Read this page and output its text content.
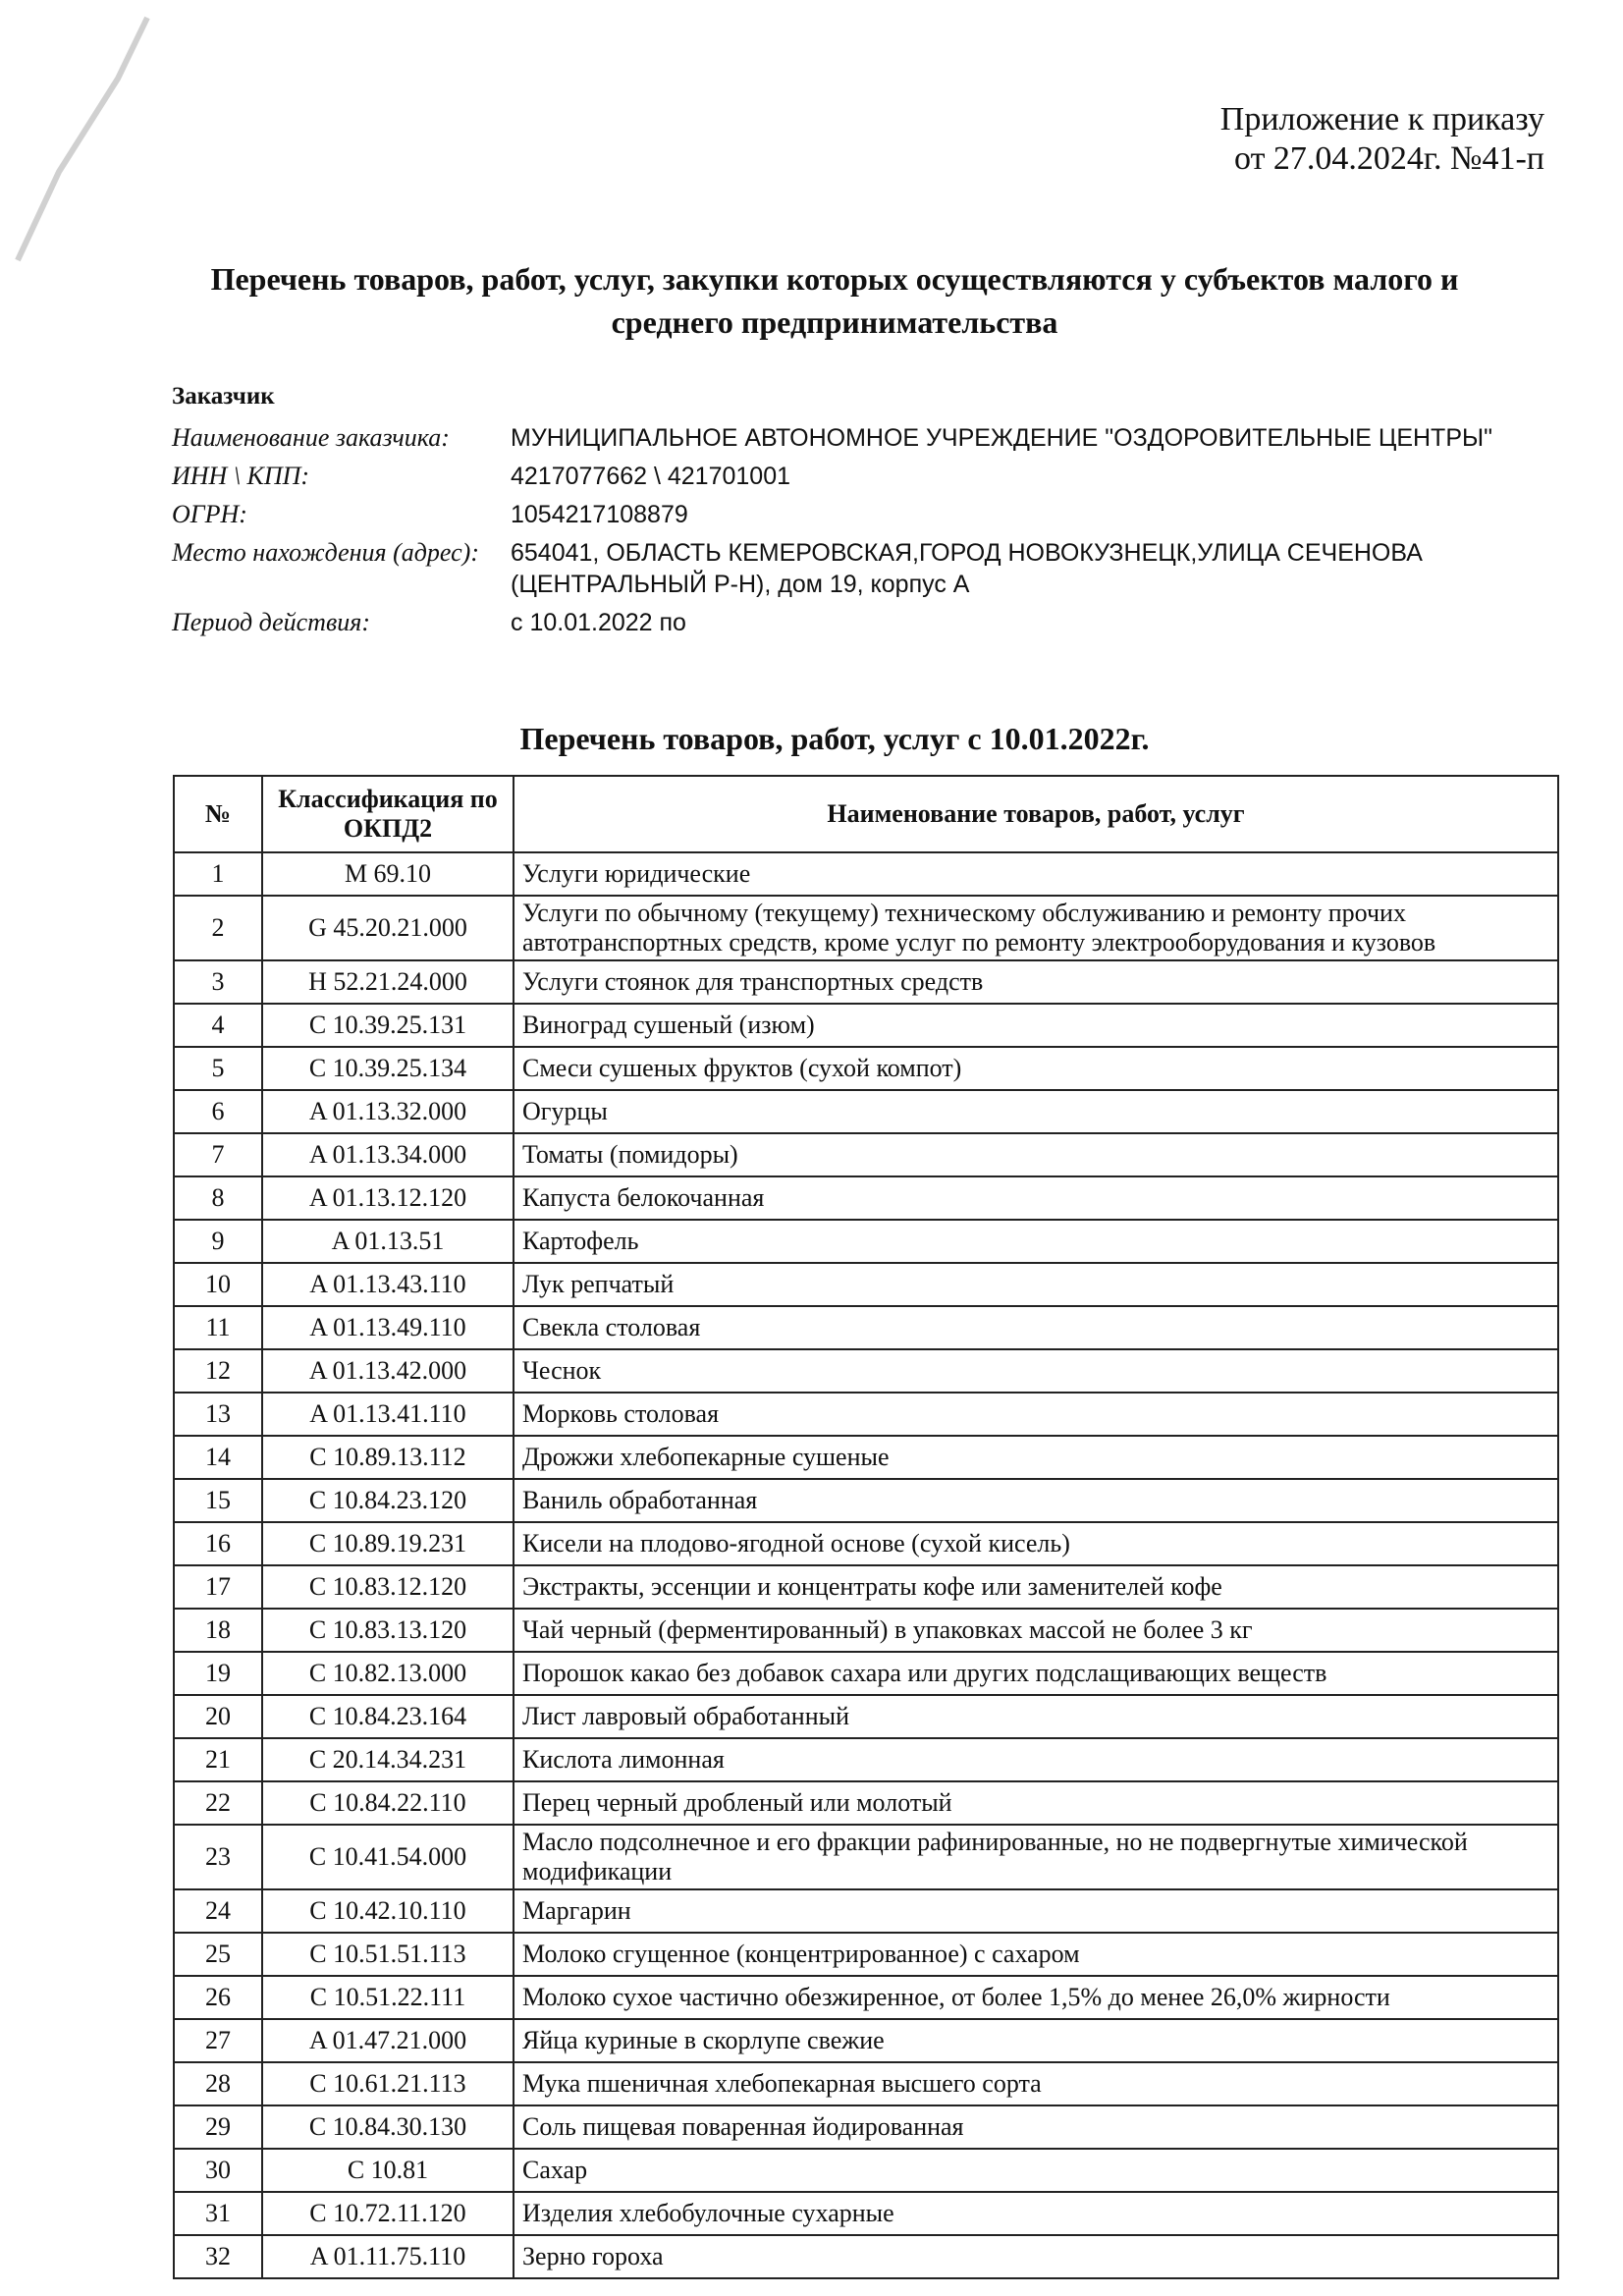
Приложение к приказу
от 27.04.2024г. №41-п
Перечень товаров, работ, услуг, закупки которых осуществляются у субъектов малого и среднего предпринимательства
Заказчик
Наименование заказчика:	МУНИЦИПАЛЬНОЕ АВТОНОМНОЕ УЧРЕЖДЕНИЕ "ОЗДОРОВИТЕЛЬНЫЕ ЦЕНТРЫ"
ИНН \ КПП:	4217077662 \ 421701001
ОГРН:	1054217108879
Место нахождения (адрес):	654041, ОБЛАСТЬ КЕМЕРОВСКАЯ,ГОРОД НОВОКУЗНЕЦК,УЛИЦА СЕЧЕНОВА (ЦЕНТРАЛЬНЫЙ Р-Н), дом 19, корпус А
Период действия:	с 10.01.2022 по
Перечень товаров, работ, услуг с 10.01.2022г.
№	Классификация по ОКПД2	Наименование товаров, работ, услуг
1	M 69.10	Услуги юридические
2	G 45.20.21.000	Услуги по обычному (текущему) техническому обслуживанию и ремонту прочих автотранспортных средств, кроме услуг по ремонту электрооборудования и кузовов
3	H 52.21.24.000	Услуги стоянок для транспортных средств
4	C 10.39.25.131	Виноград сушеный (изюм)
5	C 10.39.25.134	Смеси сушеных фруктов (сухой компот)
6	A 01.13.32.000	Огурцы
7	A 01.13.34.000	Томаты (помидоры)
8	A 01.13.12.120	Капуста белокочанная
9	A 01.13.51	Картофель
10	A 01.13.43.110	Лук репчатый
11	A 01.13.49.110	Свекла столовая
12	A 01.13.42.000	Чеснок
13	A 01.13.41.110	Морковь столовая
14	C 10.89.13.112	Дрожжи хлебопекарные сушеные
15	C 10.84.23.120	Ваниль обработанная
16	C 10.89.19.231	Кисели на плодово-ягодной основе (сухой кисель)
17	C 10.83.12.120	Экстракты, эссенции и концентраты кофе или заменителей кофе
18	C 10.83.13.120	Чай черный (ферментированный) в упаковках массой не более 3 кг
19	C 10.82.13.000	Порошок какао без добавок сахара или других подслащивающих веществ
20	C 10.84.23.164	Лист лавровый обработанный
21	C 20.14.34.231	Кислота лимонная
22	C 10.84.22.110	Перец черный дробленый или молотый
23	C 10.41.54.000	Масло подсолнечное и его фракции рафинированные, но не подвергнутые химической модификации
24	C 10.42.10.110	Маргарин
25	C 10.51.51.113	Молоко сгущенное (концентрированное) с сахаром
26	C 10.51.22.111	Молоко сухое частично обезжиренное, от более 1,5% до менее 26,0% жирности
27	A 01.47.21.000	Яйца куриные в скорлупе свежие
28	C 10.61.21.113	Мука пшеничная хлебопекарная высшего сорта
29	C 10.84.30.130	Соль пищевая поваренная йодированная
30	C 10.81	Сахар
31	C 10.72.11.120	Изделия хлебобулочные сухарные
32	A 01.11.75.110	Зерно гороха
